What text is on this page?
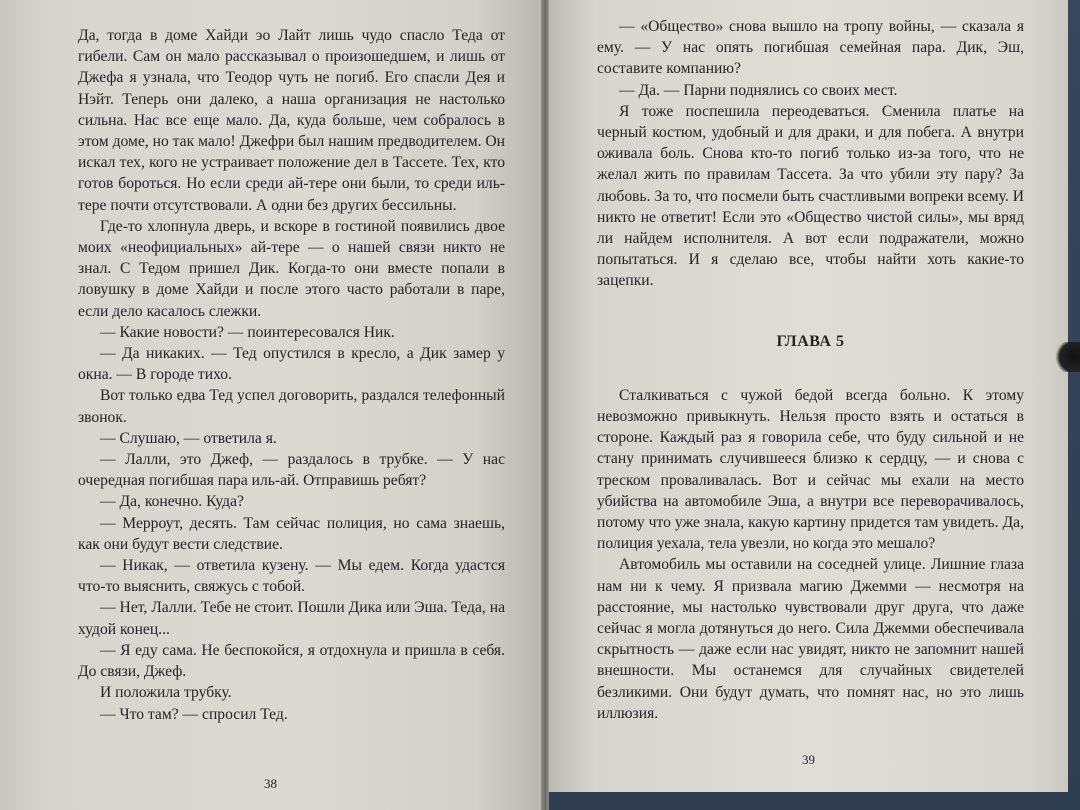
Да, тогда в доме Хайди эо Лайт лишь чудо спасло Теда от гибели. Сам он мало рассказывал о произошедшем, и лишь от Джефа я узнала, что Теодор чуть не погиб. Его спасли Дея и Нэйт. Теперь они далеко, а наша организация не настолько сильна. Нас все еще мало. Да, куда больше, чем собралось в этом доме, но так мало! Джефри был нашим предводителем. Он искал тех, кого не устраивает положение дел в Тассете. Тех, кто готов бороться. Но если среди ай-тере они были, то среди иль-тере почти отсутствовали. А одни без других бессильны.

Где-то хлопнула дверь, и вскоре в гостиной появились двое моих «неофициальных» ай-тере — о нашей связи никто не знал. С Тедом пришел Дик. Когда-то они вместе попали в ловушку в доме Хайди и после этого часто работали в паре, если дело касалось слежки.

— Какие новости? — поинтересовался Ник.

— Да никаких. — Тед опустился в кресло, а Дик замер у окна. — В городе тихо.

Вот только едва Тед успел договорить, раздался телефонный звонок.

— Слушаю, — ответила я.

— Лалли, это Джеф, — раздалось в трубке. — У нас очередная погибшая пара иль-ай. Отправишь ребят?

— Да, конечно. Куда?

— Мерроут, десять. Там сейчас полиция, но сама знаешь, как они будут вести следствие.

— Никак, — ответила кузену. — Мы едем. Когда удастся что-то выяснить, свяжусь с тобой.

— Нет, Лалли. Тебе не стоит. Пошли Дика или Эша. Теда, на худой конец...

— Я еду сама. Не беспокойся, я отдохнула и пришла в себя. До связи, Джеф.

И положила трубку.

— Что там? — спросил Тед.

38

— «Общество» снова вышло на тропу войны, — сказала я ему. — У нас опять погибшая семейная пара. Дик, Эш, составите компанию?

— Да. — Парни поднялись со своих мест.

Я тоже поспешила переодеваться. Сменила платье на черный костюм, удобный и для драки, и для побега. А внутри оживала боль. Снова кто-то погиб только из-за того, что не желал жить по правилам Тассета. За что убили эту пару? За любовь. За то, что посмели быть счастливыми вопреки всему. И никто не ответит! Если это «Общество чистой силы», мы вряд ли найдем исполнителя. А вот если подражатели, можно попытаться. И я сделаю все, чтобы найти хоть какие-то зацепки.

ГЛАВА 5

Сталкиваться с чужой бедой всегда больно. К этому невозможно привыкнуть. Нельзя просто взять и остаться в стороне. Каждый раз я говорила себе, что буду сильной и не стану принимать случившееся близко к сердцу, — и снова с треском проваливалась. Вот и сейчас мы ехали на место убийства на автомобиле Эша, а внутри все переворачивалось, потому что уже знала, какую картину придется там увидеть. Да, полиция уехала, тела увезли, но когда это мешало?

Автомобиль мы оставили на соседней улице. Лишние глаза нам ни к чему. Я призвала магию Джемми — несмотря на расстояние, мы настолько чувствовали друг друга, что даже сейчас я могла дотянуться до него. Сила Джемми обеспечивала скрытность — даже если нас увидят, никто не запомнит нашей внешности. Мы останемся для случайных свидетелей безликими. Они будут думать, что помнят нас, но это лишь иллюзия.

39
